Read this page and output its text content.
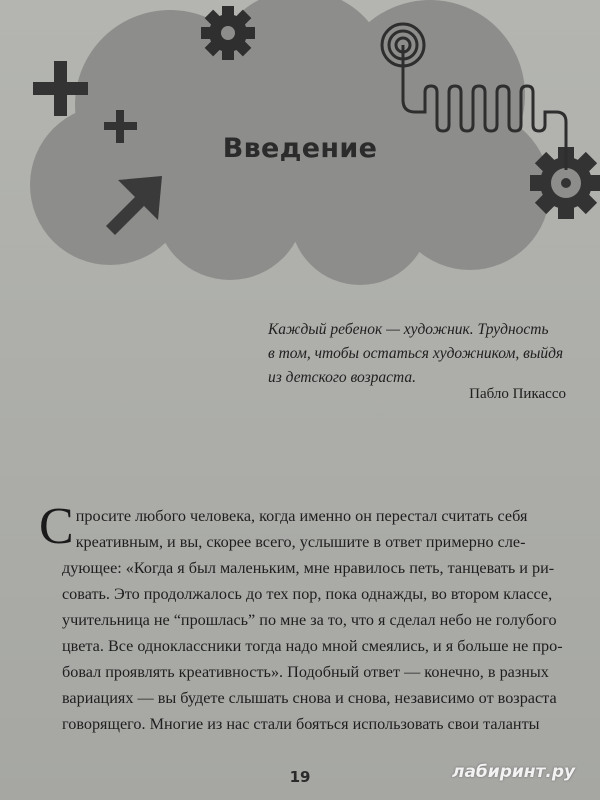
Введение
Каждый ребенок — художник. Трудность
в том, чтобы остаться художником, выйдя
из детского возраста.
Пабло Пикассо
С просите любого человека, когда именно он перестал считать себя
креативным, и вы, скорее всего, услышите в ответ примерно сле-
дующее: «Когда я был маленьким, мне нравилось петь, танцевать и ри-
совать. Это продолжалось до тех пор, пока однажды, во втором классе,
учительница не “прошлась” по мне за то, что я сделал небо не голубого
цвета. Все одноклассники тогда надо мной смеялись, и я больше не про-
бовал проявлять креативность». Подобный ответ — конечно, в разных
вариациях — вы будете слышать снова и снова, независимо от возраста
говорящего. Многие из нас стали бояться использовать свои таланты
19	лабиринт.ру
